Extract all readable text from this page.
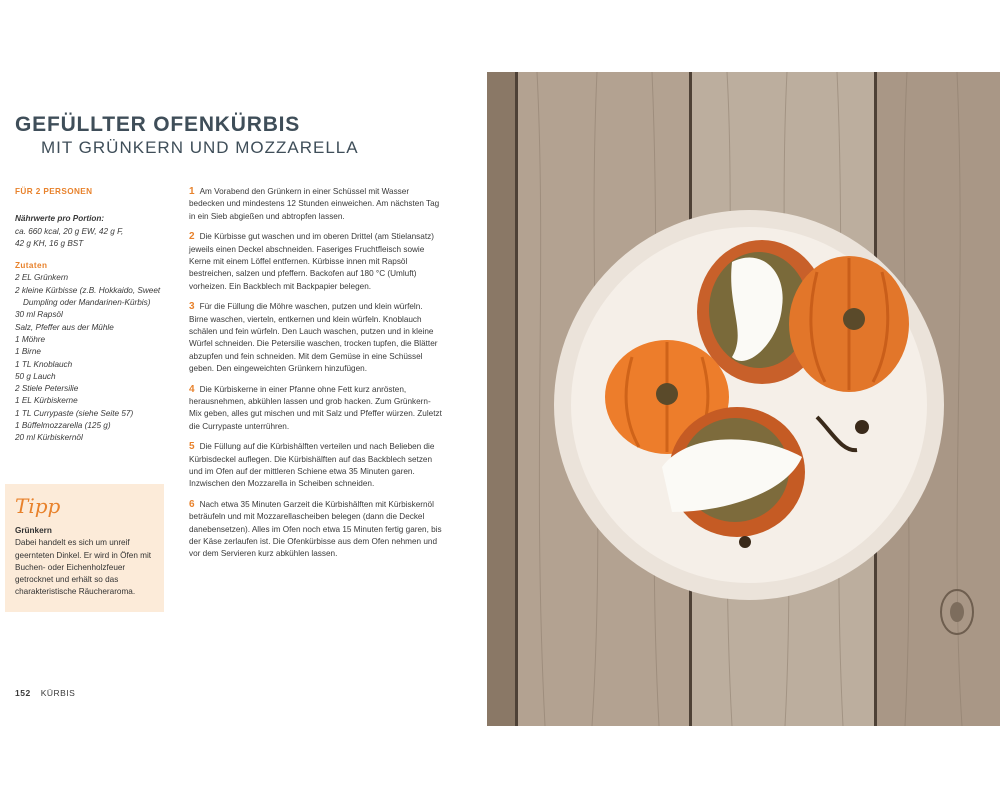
GEFÜLLTER OFENKÜRBIS
MIT GRÜNKERN UND MOZZARELLA
FÜR 2 PERSONEN
Nährwerte pro Portion:
ca. 660 kcal, 20 g EW, 42 g F,
42 g KH, 16 g BST
Zutaten
2 EL Grünkern
2 kleine Kürbisse (z.B. Hokkaido, Sweet
Dumpling oder Mandarinen-Kürbis)
30 ml Rapsöl
Salz, Pfeffer aus der Mühle
1 Möhre
1 Birne
1 TL Knoblauch
50 g Lauch
2 Stiele Petersilie
1 EL Kürbiskerne
1 TL Currypaste (siehe Seite 57)
1 Büffelmozzarella (125 g)
20 ml Kürbiskernöl
Tipp
Grünkern
Dabei handelt es sich um unreif geernteten Dinkel. Er wird in Öfen mit Buchen- oder Eichenholzfeuer getrocknet und erhält so das charakteristische Räucheraroma.
1 Am Vorabend den Grünkern in einer Schüssel mit Wasser bedecken und mindestens 12 Stunden einweichen. Am nächsten Tag in ein Sieb abgießen und abtropfen lassen.
2 Die Kürbisse gut waschen und im oberen Drittel (am Stielansatz) jeweils einen Deckel abschneiden. Faseriges Fruchtfleisch sowie Kerne mit einem Löffel entfernen. Kürbisse innen mit Rapsöl bestreichen, salzen und pfeffern. Backofen auf 180 °C (Umluft) vorheizen. Ein Backblech mit Backpapier belegen.
3 Für die Füllung die Möhre waschen, putzen und klein würfeln. Birne waschen, vierteln, entkernen und klein würfeln. Knoblauch schälen und fein würfeln. Den Lauch waschen, putzen und in kleine Würfel schneiden. Die Petersilie waschen, trocken tupfen, die Blätter abzupfen und fein schneiden. Mit dem Gemüse in eine Schüssel geben. Den eingeweichten Grünkern hinzufügen.
4 Die Kürbiskerne in einer Pfanne ohne Fett kurz anrösten, herausnehmen, abkühlen lassen und grob hacken. Zum Grünkern-Mix geben, alles gut mischen und mit Salz und Pfeffer würzen. Zuletzt die Currypaste unterrühren.
5 Die Füllung auf die Kürbishälften verteilen und nach Belieben die Kürbisdeckel auflegen. Die Kürbishälften auf das Backblech setzen und im Ofen auf der mittleren Schiene etwa 35 Minuten garen. Inzwischen den Mozzarella in Scheiben schneiden.
6 Nach etwa 35 Minuten Garzeit die Kürbishälften mit Kürbiskernöl beträufeln und mit Mozzarellascheiben belegen (dann die Deckel danebensetzen). Alles im Ofen noch etwa 15 Minuten fertig garen, bis der Käse zerlaufen ist. Die Ofenkürbisse aus dem Ofen nehmen und vor dem Servieren kurz abkühlen lassen.
152 KÜRBIS
